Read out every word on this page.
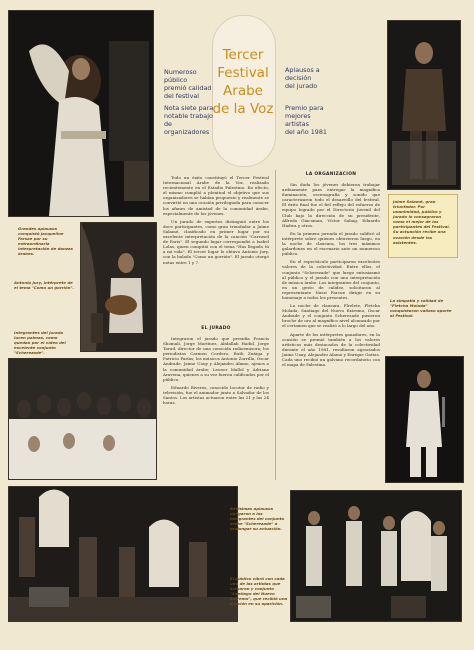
Tercer
Festival
Arabe
de la Voz
Numeroso público
premió calidad
del festival
Nota siete para
notable trabajo
de organizadores
Aplausos a
decisión
del jurado
Premio para
mejores artistas
del año 1981
Grandes aplausos conquistó Jacqueline Farsae por su extraordinaria interpretación de danzas árabes.
Antonio Jury, intérprete de el tema "Como un gorrión".
Integrantes del jurado lucen palmas, como quedan por el vídeo del excelente conjunto "Scherezade".

Todo un éxito constituyó el Tercer Festival Internacional Arabe de la Voz, realizado recientemente en el Estadio Palestino. En efecto, el mismo cumplió a plenitud el objetivo que sus organizadores se habían propuesto y realmente se convirtió en una ocasión privilegiada para conocer los afanes de amistad de la comunidad árabe, especialmente de los jóvenes.

Un jurado de expertos distinguió entre los doce participantes, como gran triunfador a Jaime Salamé, clasificado en primer lugar por su excelente interpretación de la canción "Carrusel de Paris". El segundo lugar correspondió a Isabel Lolas, quien compitió con el tema "Has llegado tú a mi vida". El tercer lugar lo obtuvo Antonio Jury, con la balada "Como un gorrión". El jurado otorgó notas entre 1 y 7.

EL JURADO

Integraron el jurado que presidía Francis Shomali, Jorge Martínez, Abdallah Hadid, Jorge Tarud, director de una conocida radioemisora; los periodistas Carmen Cordero, Ruth Zuñiga y Patricio Farías; los músicos Antonio Zorrilla, Oscar Andrade, Jaime Uauy y Alejandro Alamo, ajenos a la comunidad árabe; Leonor Mallol y Adriana Aravena, quienes a su vez fueron calificados por el público.

Eduardo Riveros, conocido locutor de radio y televisión, fue el animador junto a Salvador de los Santos. Los artistas actuaron entre las 21 y las 24 horas.

LA ORGANIZACION

Sin duda los jóvenes debieron trabajar arduamente para entregar la magnífica iluminación, escenografía y sonido que caracterizaron todo el desarrollo del festival. El éxito final fue el fiel reflejo del esfuerzo de equipo logrado por el Directorio Juvenil del Club bajo la dirección de su presidente, Alfredo Giacoman, Víctor Sabag, Eduardo Hadwa y otros.

En la primera jornada el jurado calificó al intérprete sobre quienes obtuvieron luego, en la noche de clausura, los tres máximos galardones en el escenario ante un numeroso público.

En el espectáculo participaron excelentes valores de la colectividad. Entre ellos, el conjunto "Scherezade" que luego entusiasmó al público y el jurado con una interpretación de música árabe. Los integrantes del conjunto, en un gesto de calidez, solicitaron al representante Nasri Farcue dirigir en su homenaje a todos los presentes.

La noche de clausura, Flrelete, Fletcha Molada, Santiago del Nuevo Extremo, Oscar Andrade y el conjunto Scherezade pusieron broche de oro al magnífico nivel alcanzado por el certamen que se realizó a lo largo del año.

Aparte de los intérpretes ganadores, en la ocasión se premió también a los valores artísticos más destacados de la colectividad durante el año 1981, resultaron agraciados Jaime Uauy, Alejandro Alamo y Enrique Gattas. Cada uno recibió un galvano recordatorio con el mapa de Palestina.

Jaime Salamé, gran triunfador. Por unanimidad, público y jurado lo consagraron como el mejor de los participantes del Festival. Su actuación recibe una ovación desde los asistentes.
La simpatía y calidad de "Fletcha Molada" conquistaron valioso aporte al Festival.
Bellísimas aplausos obligaron a los integrantes del conjunto árabe "Scherezade" a prolongar su actuación.
El público vibró con cada uno de los artistas que actuaron y conjunto "Santiago del Nuevo Extremo", que recibió una ovación en su aparición.
